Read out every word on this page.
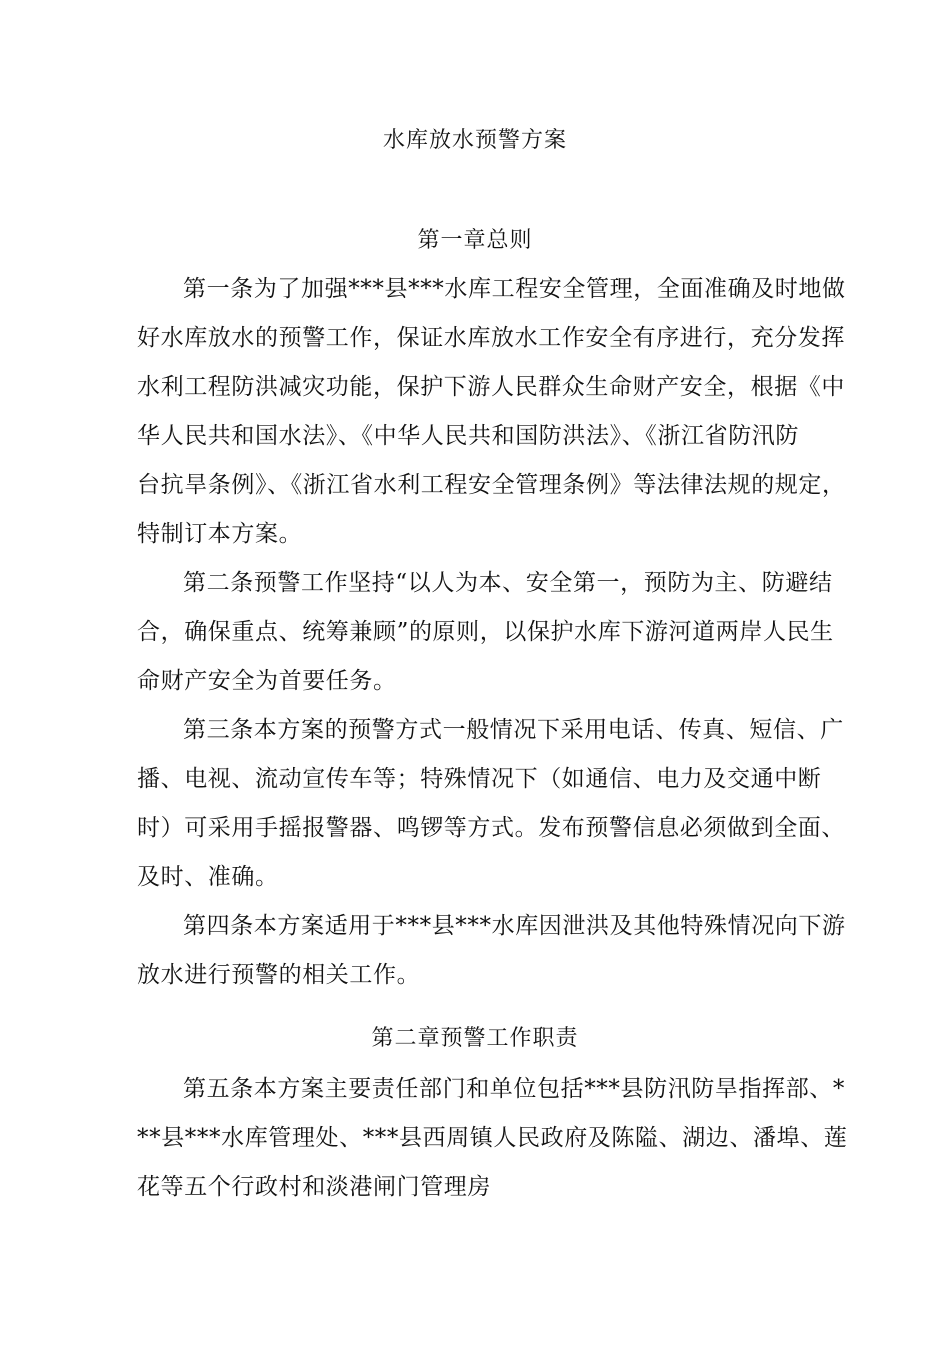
水库放水预警方案
第一章总则
第一条为了加强***县***水库工程安全管理，全面准确及时地做
好水库放水的预警工作，保证水库放水工作安全有序进行，充分发挥
水利工程防洪减灾功能，保护下游人民群众生命财产安全，根据《中
华人民共和国水法》、《中华人民共和国防洪法》、《浙江省防汛防
台抗旱条例》、《浙江省水利工程安全管理条例》等法律法规的规定，
特制订本方案。
第二条预警工作坚持“以人为本、安全第一，预防为主、防避结
合，确保重点、统筹兼顾”的原则，以保护水库下游河道两岸人民生
命财产安全为首要任务。
第三条本方案的预警方式一般情况下采用电话、传真、短信、广
播、电视、流动宣传车等；特殊情况下（如通信、电力及交通中断
时）可采用手摇报警器、鸣锣等方式。发布预警信息必须做到全面、
及时、准确。
第四条本方案适用于***县***水库因泄洪及其他特殊情况向下游
放水进行预警的相关工作。
第二章预警工作职责
第五条本方案主要责任部门和单位包括***县防汛防旱指挥部、*
**县***水库管理处、***县西周镇人民政府及陈隘、湖边、潘埠、莲
花等五个行政村和淡港闸门管理房
